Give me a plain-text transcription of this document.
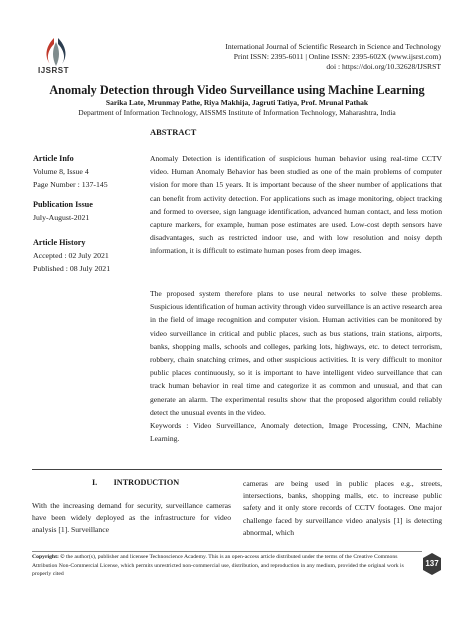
IJSRST
International Journal of Scientific Research in Science and Technology
Print ISSN: 2395-6011 | Online ISSN: 2395-602X (www.ijsrst.com)
doi : https://doi.org/10.32628/IJSRST
Anomaly Detection through Video Surveillance using Machine Learning
Sarika Late, Mrunmay Pathe, Riya Makhija, Jagruti Tatiya, Prof. Mrunal Pathak
Department of Information Technology, AISSMS Institute of Information Technology, Maharashtra, India
ABSTRACT
Article Info
Volume 8, Issue 4
Page Number : 137-145
Publication Issue
July-August-2021
Article History
Accepted : 02 July 2021
Published : 08 July 2021

Anomaly Detection is identification of suspicious human behavior using real-time CCTV video. Human Anomaly Behavior has been studied as one of the main problems of computer vision for more than 15 years. It is important because of the sheer number of applications that can benefit from activity detection. For applications such as image monitoring, object tracking and formed to oversee, sign language identification, advanced human contact, and less motion capture markers, for example, human pose estimates are used. Low-cost depth sensors have disadvantages, such as restricted indoor use, and with low resolution and noisy depth information, it is difficult to estimate human poses from deep images.

The proposed system therefore plans to use neural networks to solve these problems. Suspicious identification of human activity through video surveillance is an active research area in the field of image recognition and computer vision. Human activities can be monitored by video surveillance in critical and public places, such as bus stations, train stations, airports, banks, shopping malls, schools and colleges, parking lots, highways, etc. to detect terrorism, robbery, chain snatching crimes, and other suspicious activities. It is very difficult to monitor public places continuously, so it is important to have intelligent video surveillance that can track human behavior in real time and categorize it as common and unusual, and that can generate an alarm. The experimental results show that the proposed algorithm could reliably detect the unusual events in the video.

Keywords : Video Surveillance, Anomaly detection, Image Processing, CNN, Machine Learning.

I.  INTRODUCTION
With the increasing demand for security, surveillance cameras have been widely deployed as the infrastructure for video analysis [1]. Surveillance
cameras are being used in public places e.g., streets, intersections, banks, shopping malls, etc. to increase public safety and it only store records of CCTV footages. One major challenge faced by surveillance video analysis [1] is detecting abnormal, which
Copyright: © the author(s), publisher and licensee Technoscience Academy. This is an open-access article distributed under the terms of the Creative Commons Attribution Non-Commercial License, which permits unrestricted non-commercial use, distribution, and reproduction in any medium, provided the original work is properly cited
137
